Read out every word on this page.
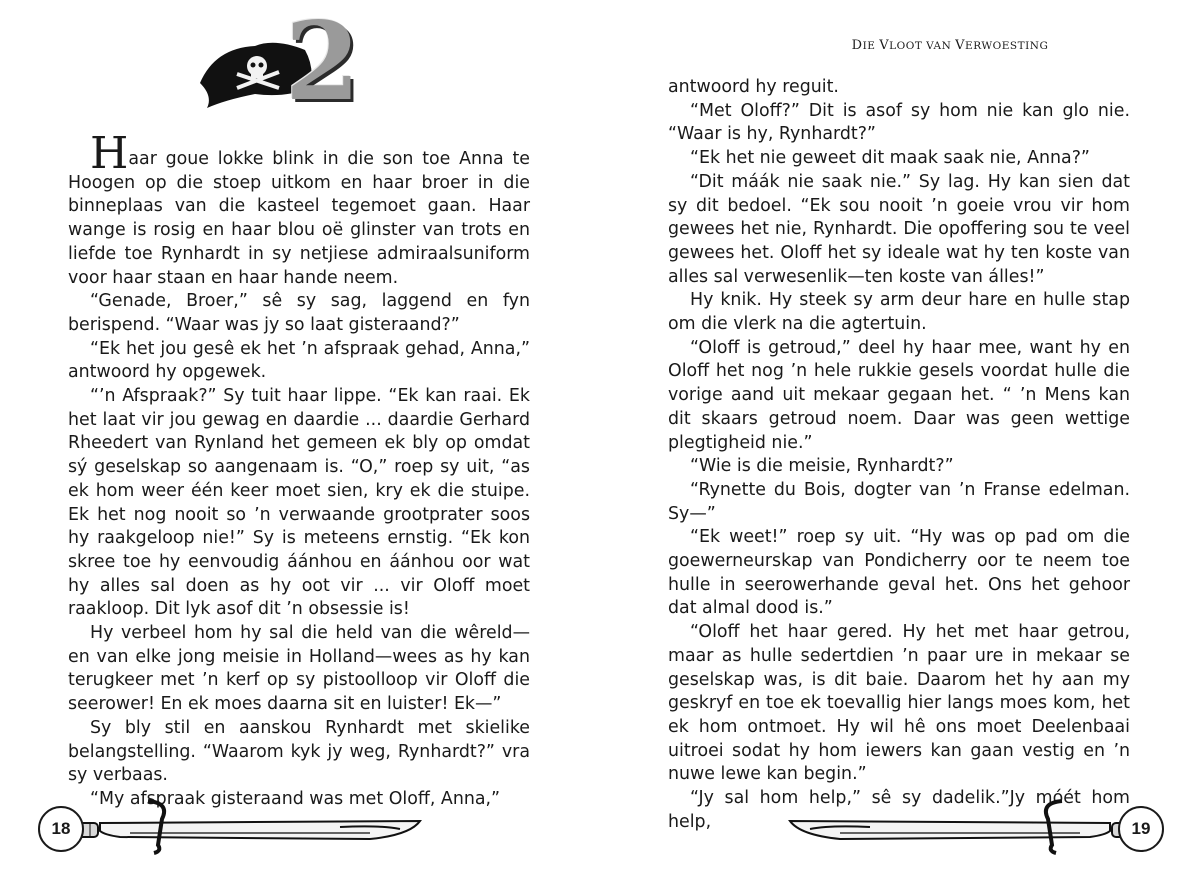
2

Haar goue lokke blink in die son toe Anna te Hoogen op die stoep uitkom en haar broer in die binneplaas van die kasteel tegemoet gaan. Haar wange is rosig en haar blou oë glinster van trots en liefde toe Rynhardt in sy netjiese admiraalsuniform voor haar staan en haar hande neem.

“Genade, Broer,” sê sy sag, laggend en fyn berispend. “Waar was jy so laat gisteraand?”

“Ek het jou gesê ek het ’n afspraak gehad, Anna,” antwoord hy opgewek.

“’n Afspraak?” Sy tuit haar lippe. “Ek kan raai. Ek het laat vir jou gewag en daardie ... daardie Gerhard Rheedert van Rynland het gemeen ek bly op omdat sý geselskap so aangenaam is. “O,” roep sy uit, “as ek hom weer één keer moet sien, kry ek die stuipe. Ek het nog nooit so ’n verwaande grootprater soos hy raakgeloop nie!” Sy is meteens ernstig. “Ek kon skree toe hy eenvoudig áánhou en áánhou oor wat hy alles sal doen as hy oot vir ... vir Oloff moet raakloop. Dit lyk asof dit ’n obsessie is!

Hy verbeel hom hy sal die held van die wêreld—en van elke jong meisie in Holland—wees as hy kan terugkeer met ’n kerf op sy pistoolloop vir Oloff die seerower! En ek moes daarna sit en luister! Ek—”

Sy bly stil en aanskou Rynhardt met skielike belangstelling. “Waarom kyk jy weg, Rynhardt?” vra sy verbaas.

“My afspraak gisteraand was met Oloff, Anna,”

18
DIE VLOOT VAN VERWOESTING

antwoord hy reguit.

“Met Oloff?” Dit is asof sy hom nie kan glo nie. “Waar is hy, Rynhardt?”

“Ek het nie geweet dit maak saak nie, Anna?”

“Dit máák nie saak nie.” Sy lag. Hy kan sien dat sy dit bedoel. “Ek sou nooit ’n goeie vrou vir hom gewees het nie, Rynhardt. Die opoffering sou te veel gewees het. Oloff het sy ideale wat hy ten koste van alles sal verwesenlik—ten koste van álles!”

Hy knik. Hy steek sy arm deur hare en hulle stap om die vlerk na die agtertuin.

“Oloff is getroud,” deel hy haar mee, want hy en Oloff het nog ’n hele rukkie gesels voordat hulle die vorige aand uit mekaar gegaan het. “ ’n Mens kan dit skaars getroud noem. Daar was geen wettige plegtigheid nie.”

“Wie is die meisie, Rynhardt?”

“Rynette du Bois, dogter van ’n Franse edelman. Sy—”

“Ek weet!” roep sy uit. “Hy was op pad om die goewerneurskap van Pondicherry oor te neem toe hulle in seerowerhande geval het. Ons het gehoor dat almal dood is.”

“Oloff het haar gered. Hy het met haar getrou, maar as hulle sedertdien ’n paar ure in mekaar se geselskap was, is dit baie. Daarom het hy aan my geskryf en toe ek toevallig hier langs moes kom, het ek hom ontmoet. Hy wil hê ons moet Deelenbaai uitroei sodat hy hom iewers kan gaan vestig en ’n nuwe lewe kan begin.”

“Jy sal hom help,” sê sy dadelik.”Jy móét hom help,	19
